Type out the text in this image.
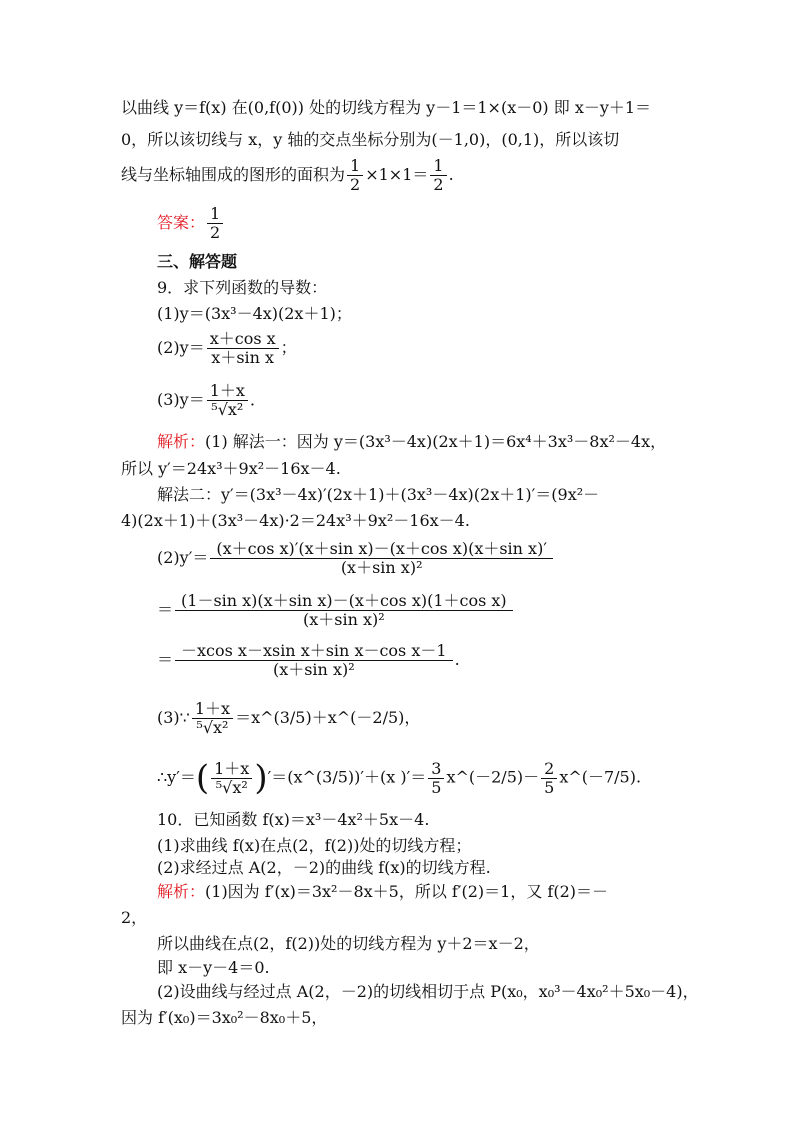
以曲线 y＝f(x) 在(0,f(0)) 处的切线方程为 y－1＝1×(x－0) 即 x－y＋1＝
0，所以该切线与 x，y 轴的交点坐标分别为(－1,0)，(0,1)，所以该切
线与坐标轴围成的图形的面积为 $\frac{1}{2} \times 1\times 1= \frac{1}{2}$ .
答案： $\frac{1}{2}$
三、解答题
9．求下列函数的导数：
(1)y＝(3x³－4x)(2x＋1)；
$(2)y= \frac{\text{x＋cos x}}{\text{x＋sin x}}$ ；
$(3)y= \frac{1+x}{\text{⁵√x²}}$ ．
解析：(1) 解法一：因为 y＝(3x³－4x)(2x＋1)＝6x⁴＋3x³－8x²－4x，
所以 y′＝24x³＋9x²－16x－4.
解法二：y′＝(3x³－4x)′(2x＋1)＋(3x³－4x)(2x＋1)′＝(9x²－
4)(2x＋1)＋(3x³－4x)·2＝24x³＋9x²－16x－4.
$(2)y'= \frac{\text{(x＋cos x)′(x＋sin x)－(x＋cos x)(x＋sin x)′}}{\text{(x＋sin x)²}}$
＝ $\frac{\text{(1－sin x)(x＋sin x)－(x＋cos x)(1＋cos x)}}{\text{(x＋sin x)²}}$
＝ $\frac{\text{－xcos x－xsin x＋sin x－cos x－1}}{\text{(x＋sin x)²}}$ .
(3)∵ $\frac{1+x}{\text{⁵√x²}}$ ＝x^(3/5)＋x^(－2/5)，
∴y′＝( $\frac{1+x}{\text{⁵√x²}}$ )′＝(x^(3/5))′＋(x )′＝ $\frac{3}{5}$ x^(－2/5)－ $\frac{2}{5}$ x^(－7/5).
10．已知函数 f(x)＝x³－4x²＋5x－4.
(1)求曲线 f(x)在点(2，f(2))处的切线方程；
(2)求经过点 A(2，－2)的曲线 f(x)的切线方程.
解析：(1)因为 f′(x)＝3x²－8x＋5，所以 f′(2)＝1，又 f(2)＝－
2，
所以曲线在点(2，f(2))处的切线方程为 y＋2＝x－2，
即 x－y－4＝0.
(2)设曲线与经过点 A(2，－2)的切线相切于点 P(x₀，x₀³－4x₀²＋5x₀－4)，
因为 f′(x₀)＝3x₀²－8x₀＋5，
